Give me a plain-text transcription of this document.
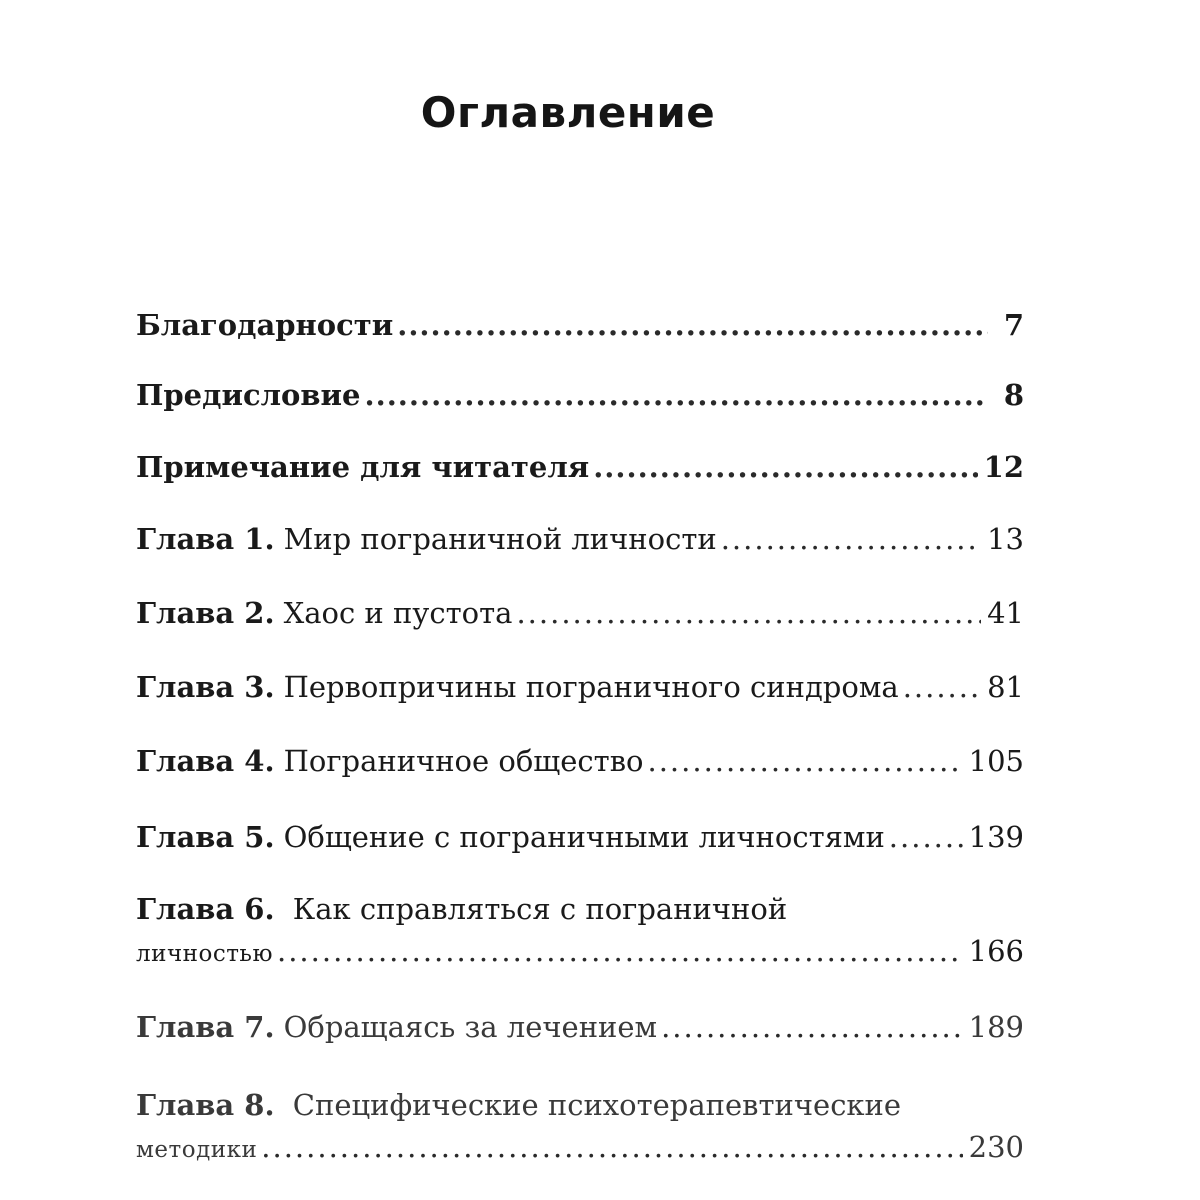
Оглавление
Благодарности .....	7
Предисловие .....	8
Примечание для читателя .....	12
Глава 1. Мир пограничной личности .....	13
Глава 2. Хаос и пустота .....	41
Глава 3. Первопричины пограничного синдрома .....	81
Глава 4. Пограничное общество .....	105
Глава 5. Общение с пограничными личностями .....	139
Глава 6. Как справляться с пограничной
личностью .....	166
Глава 7. Обращаясь за лечением .....	189
Глава 8. Специфические психотерапевтические
методики .....	230
